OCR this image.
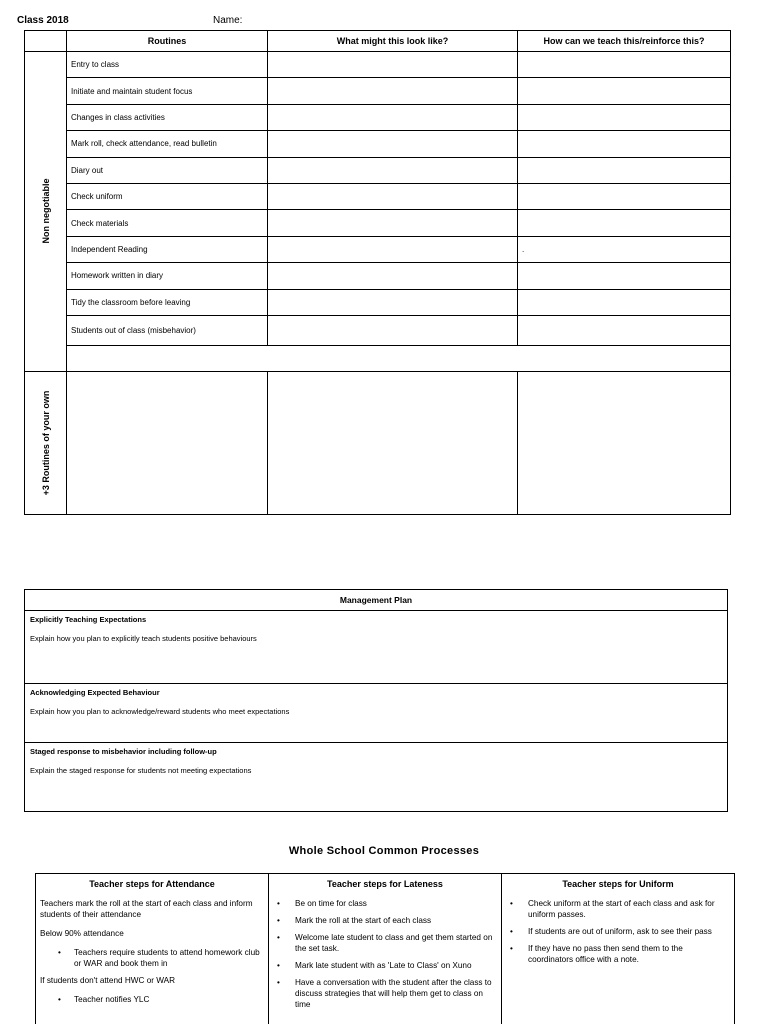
Class 2018	Name:
	Routines	What might this look like?	How can we teach this/reinforce this?

Non negotiable	Entry to class		
	Initiate and maintain student focus		
	Changes in class activities		
	Mark roll, check attendance, read bulletin		
	Diary out		
	Check uniform		
	Check materials		
	Independent Reading		.
	Homework written in diary		
	Tidy the classroom before leaving		
	Students out of class (misbehavior)		

+3 Routines of your own			

Management Plan
Explicitly Teaching Expectations
Explain how you plan to explicitly teach students positive behaviours
Acknowledging Expected Behaviour
Explain how you plan to acknowledge/reward students who meet expectations
Staged response to misbehavior including follow-up
Explain the staged response for students not meeting expectations
Whole School Common Processes
Teacher steps for Attendance

Teachers mark the roll at the start of each class and inform students of their attendance

Below 90% attendance

• Teachers require students to attend homework club or WAR and book them in

If students don't attend HWC or WAR

• Teacher notifies YLC
Teacher steps for Lateness
• Be on time for class
• Mark the roll at the start of each class
• Welcome late student to class and get them started on the set task.
• Mark late student with as 'Late to Class' on Xuno
• Have a conversation with the student after the class to discuss strategies that will help them get to class on time
Teacher steps for Uniform
• Check uniform at the start of each class and ask for uniform passes.
• If students are out of uniform, ask to see their pass
• If they have no pass then send them to the coordinators office with a note.
